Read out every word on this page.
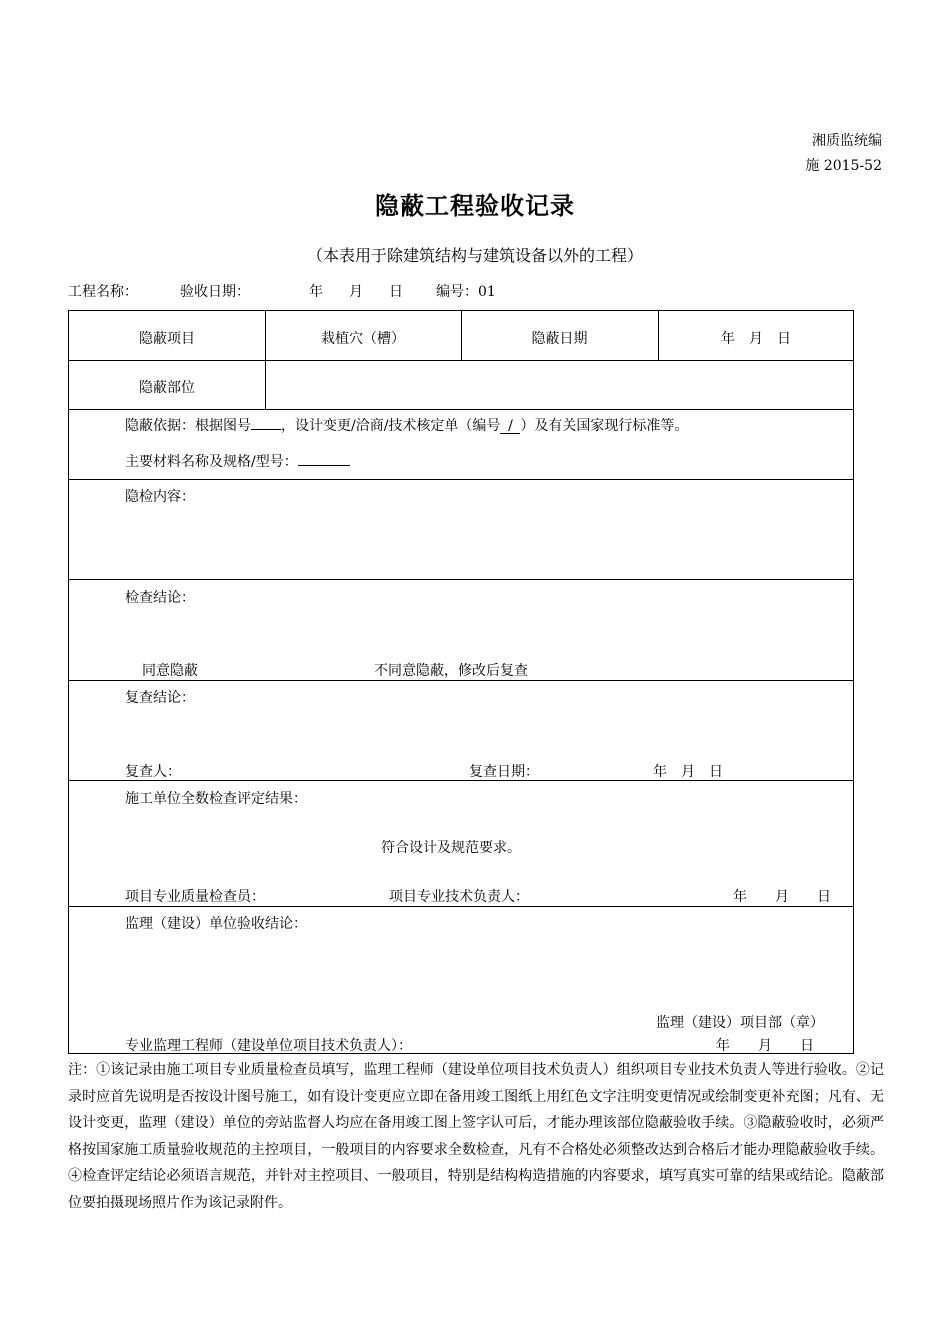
湘质监统编
施 2015-52
隐蔽工程验收记录
（本表用于除建筑结构与建筑设备以外的工程）
工程名称：	验收日期：	年 月 日 编号：01
隐蔽项目	栽植穴（槽）	隐蔽日期	年　月　日
隐蔽部位
隐蔽依据：根据图号 ，设计变更/洽商/技术核定单（编号 / ）及有关国家现行标准等。
主要材料名称及规格/型号：
隐检内容：
检查结论：
同意隐蔽	不同意隐蔽，修改后复查
复查结论：
复查人：	复查日期：	年　月　日
施工单位全数检查评定结果：
符合设计及规范要求。
项目专业质量检查员：	项目专业技术负责人：	年　　月　　日
监理（建设）单位验收结论：
监理（建设）项目部（章）
专业监理工程师（建设单位项目技术负责人）：	年　　月　　日
注：①该记录由施工项目专业质量检查员填写，监理工程师（建设单位项目技术负责人）组织项目专业技术负责人等进行验收。②记录时应首先说明是否按设计图号施工，如有设计变更应立即在备用竣工图纸上用红色文字注明变更情况或绘制变更补充图；凡有、无设计变更，监理（建设）单位的旁站监督人均应在备用竣工图上签字认可后，才能办理该部位隐蔽验收手续。③隐蔽验收时，必须严格按国家施工质量验收规范的主控项目，一般项目的内容要求全数检查，凡有不合格处必须整改达到合格后才能办理隐蔽验收手续。④检查评定结论必须语言规范，并针对主控项目、一般项目，特别是结构构造措施的内容要求，填写真实可靠的结果或结论。隐蔽部位要拍摄现场照片作为该记录附件。
